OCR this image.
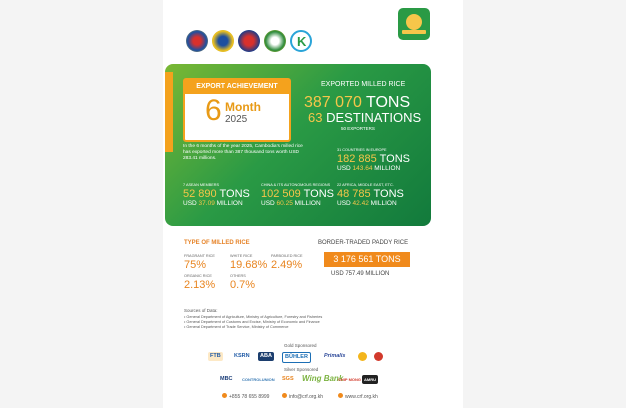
K
EXPORT ACHIEVEMENT
6 Month
2025
EXPORTED MILLED RICE
387 070 TONS
63 DESTINATIONS
50 EXPORTERS
In the 6 months of the year 2025, Cambodia's milled rice has exported more than 387 thousand tons worth USD 283.41 millions.
31 COUNTRIES IN EUROPE
182 885 TONS
USD 143.64 MILLION
7 ASEAN MEMBERS
52 890 TONS
USD 37.09 MILLION
CHINA & ITS AUTONOMOUS REGIONS
102 509 TONS
USD 60.25 MILLION
22 AFRICA, MIDDLE EAST, ETC.
48 785 TONS
USD 42.42 MILLION
TYPE OF MILLED RICE
FRAGRANT RICE
75%
WHITE RICE
19.68%
PARBOILED RICE
2.49%
ORGANIC RICE
2.13%
OTHERS
0.7%
BORDER-TRADED PADDY RICE
3 176 561 TONS
USD 757.49 MILLION
Sources of Data:
• General Department of Agriculture, Ministry of Agriculture, Forestry and Fisheries
• General Department of Customs and Excise, Ministry of Economic and Finance
• General Department of Trade Service, Ministry of Commerce
Gold Sponsored
FTB	KSRN	ABA	BÜHLER	Primalis
Silver Sponsored
MBC	CONTROLUNION	SGS Wing Bank
CHIP MONG AMRU
+855 78 655 8999	info@crf.org.kh	www.crf.org.kh
